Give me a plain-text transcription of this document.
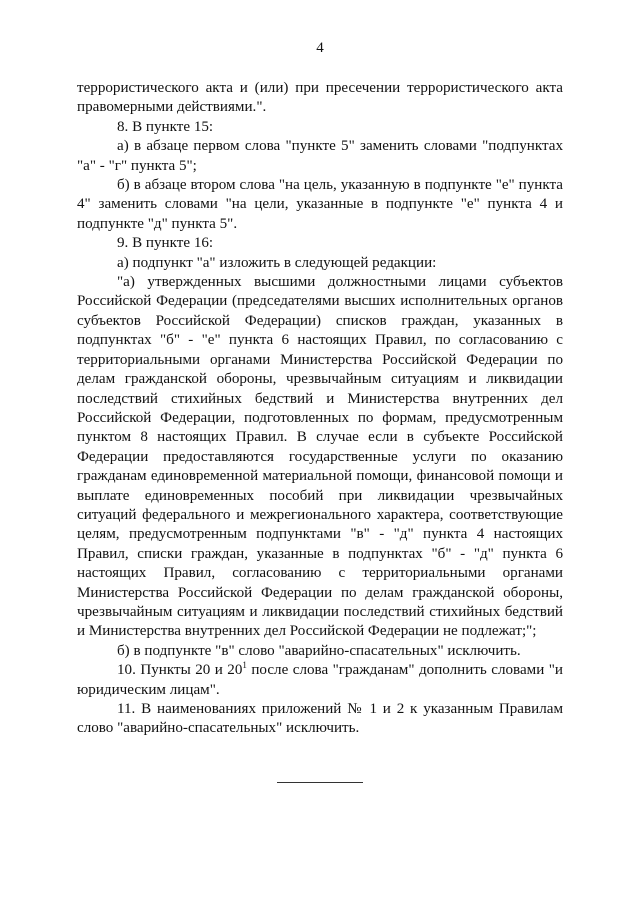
4

террористического акта и (или) при пресечении террористического акта правомерными действиями.".

8. В пункте 15:

а) в абзаце первом слова "пункте 5" заменить словами "подпунктах "а" - "г" пункта 5";

б) в абзаце втором слова "на цель, указанную в подпункте "е" пункта 4" заменить словами "на цели, указанные в подпункте "е" пункта 4 и подпункте "д" пункта 5".

9. В пункте 16:

а) подпункт "а" изложить в следующей редакции:

"а) утвержденных высшими должностными лицами субъектов Российской Федерации (председателями высших исполнительных органов субъектов Российской Федерации) списков граждан, указанных в подпунктах "б" - "е" пункта 6 настоящих Правил, по согласованию с территориальными органами Министерства Российской Федерации по делам гражданской обороны, чрезвычайным ситуациям и ликвидации последствий стихийных бедствий и Министерства внутренних дел Российской Федерации, подготовленных по формам, предусмотренным пунктом 8 настоящих Правил. В случае если в субъекте Российской Федерации предоставляются государственные услуги по оказанию гражданам единовременной материальной помощи, финансовой помощи и выплате единовременных пособий при ликвидации чрезвычайных ситуаций федерального и межрегионального характера, соответствующие целям, предусмотренным подпунктами "в" - "д" пункта 4 настоящих Правил, списки граждан, указанные в подпунктах "б" - "д" пункта 6 настоящих Правил, согласованию с территориальными органами Министерства Российской Федерации по делам гражданской обороны, чрезвычайным ситуациям и ликвидации последствий стихийных бедствий и Министерства внутренних дел Российской Федерации не подлежат;";

б) в подпункте "в" слово "аварийно-спасательных" исключить.

10. Пункты 20 и $20^1$ после слова "гражданам" дополнить словами "и юридическим лицам".

11. В наименованиях приложений № 1 и 2 к указанным Правилам слово "аварийно-спасательных" исключить.
